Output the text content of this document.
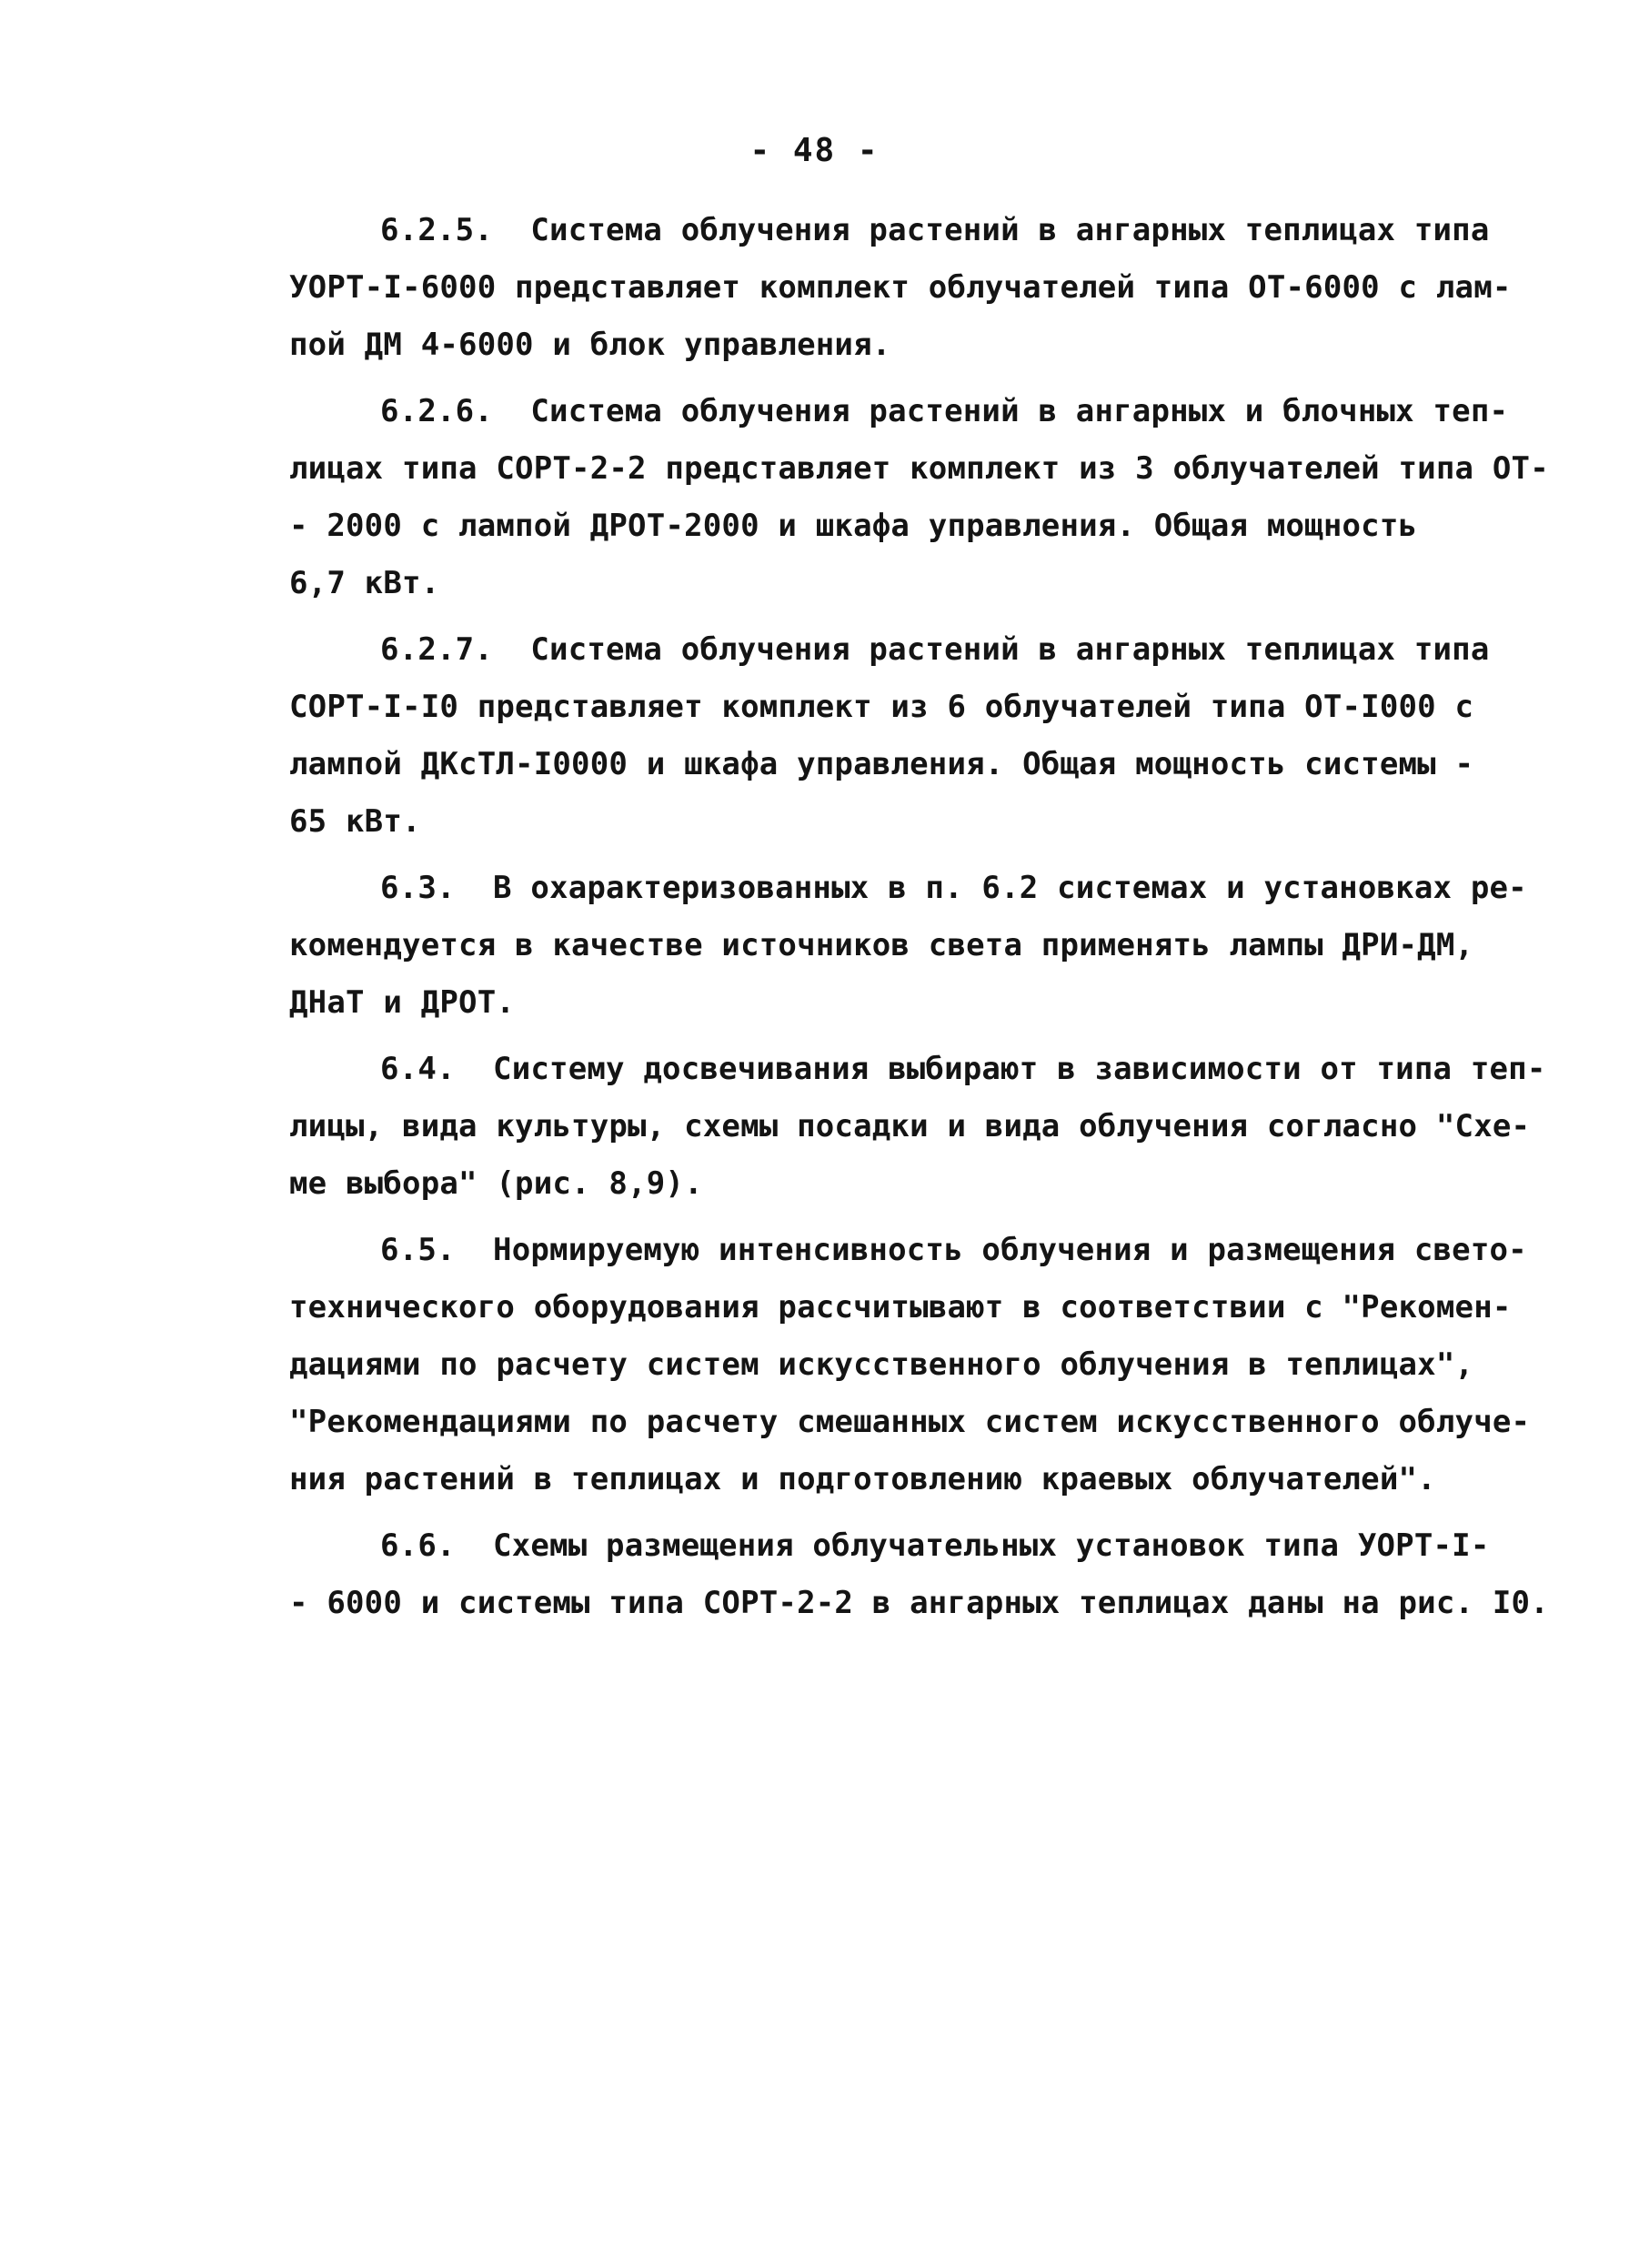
- 48 -
6.2.5.  Система облучения растений в ангарных теплицах типа
УОРТ-I-6000 представляет комплект облучателей типа ОТ-6000 с лам-
пой ДМ 4-6000 и блок управления.
6.2.6.  Система облучения растений в ангарных и блочных теп-
лицах типа СОРТ-2-2 представляет комплект из 3 облучателей типа ОТ-
- 2000 с лампой ДРОТ-2000 и шкафа управления. Общая мощность
6,7 кВт.
6.2.7.  Система облучения растений в ангарных теплицах типа
СОРТ-I-I0 представляет комплект из 6 облучателей типа ОТ-I000 с
лампой ДКсТЛ-I0000 и шкафа управления. Общая мощность системы -
65 кВт.
6.3.  В охарактеризованных в п. 6.2 системах и установках ре-
комендуется в качестве источников света применять лампы ДРИ-ДМ,
ДНаТ и ДРОТ.
6.4.  Систему досвечивания выбирают в зависимости от типа теп-
лицы, вида культуры, схемы посадки и вида облучения согласно "Схе-
ме выбора" (рис. 8,9).
6.5.  Нормируемую интенсивность облучения и размещения свето-
технического оборудования рассчитывают в соответствии с "Рекомен-
дациями по расчету систем искусственного облучения в теплицах",
"Рекомендациями по расчету смешанных систем искусственного облуче-
ния растений в теплицах и подготовлению краевых облучателей".
6.6.  Схемы размещения облучательных установок типа УОРТ-I-
- 6000 и системы типа СОРТ-2-2 в ангарных теплицах даны на рис. I0.
